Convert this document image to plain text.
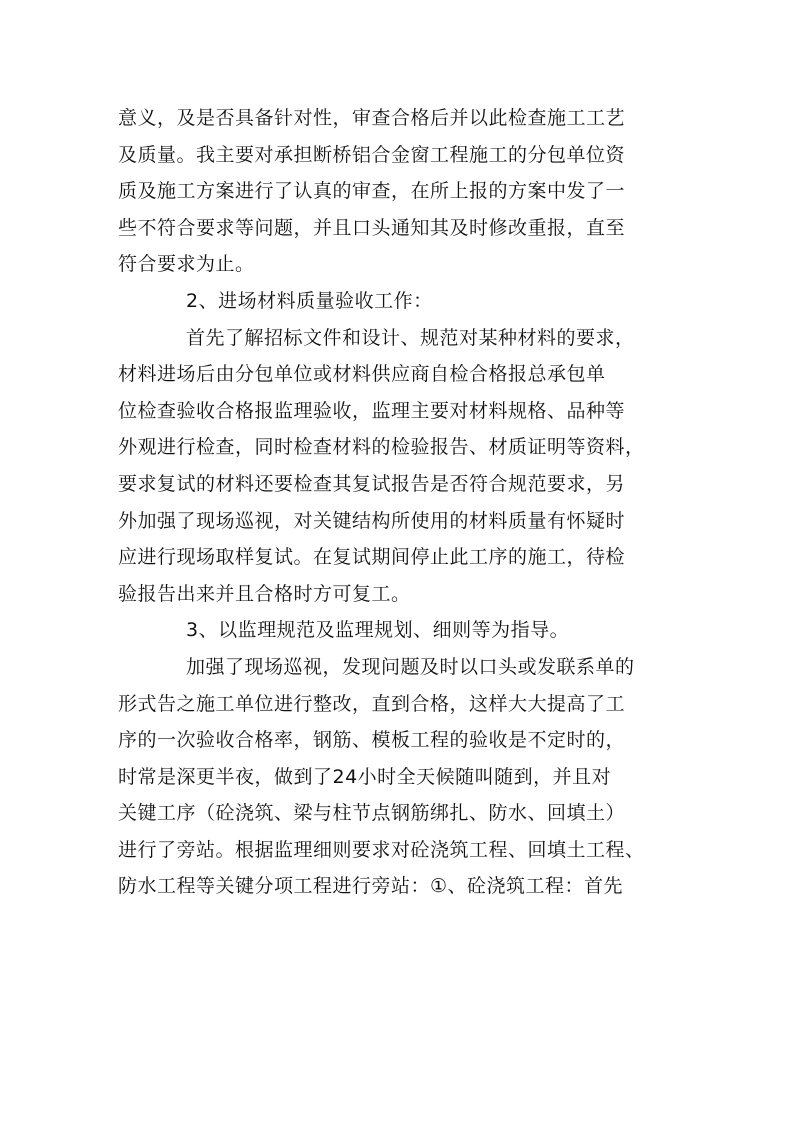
意义，及是否具备针对性，审查合格后并以此检查施工工艺
及质量。我主要对承担断桥铝合金窗工程施工的分包单位资
质及施工方案进行了认真的审查，在所上报的方案中发了一
些不符合要求等问题，并且口头通知其及时修改重报，直至
符合要求为止。
2、进场材料质量验收工作：
首先了解招标文件和设计、规范对某种材料的要求，
材料进场后由分包单位或材料供应商自检合格报总承包单
位检查验收合格报监理验收，监理主要对材料规格、品种等
外观进行检查，同时检查材料的检验报告、材质证明等资料，
要求复试的材料还要检查其复试报告是否符合规范要求，另
外加强了现场巡视，对关键结构所使用的材料质量有怀疑时
应进行现场取样复试。在复试期间停止此工序的施工，待检
验报告出来并且合格时方可复工。
3、以监理规范及监理规划、细则等为指导。
加强了现场巡视，发现问题及时以口头或发联系单的
形式告之施工单位进行整改，直到合格，这样大大提高了工
序的一次验收合格率，钢筋、模板工程的验收是不定时的，
时常是深更半夜，做到了24小时全天候随叫随到，并且对
关键工序（砼浇筑、梁与柱节点钢筋绑扎、防水、回填土）
进行了旁站。根据监理细则要求对砼浇筑工程、回填土工程、
防水工程等关键分项工程进行旁站：①、砼浇筑工程：首先
